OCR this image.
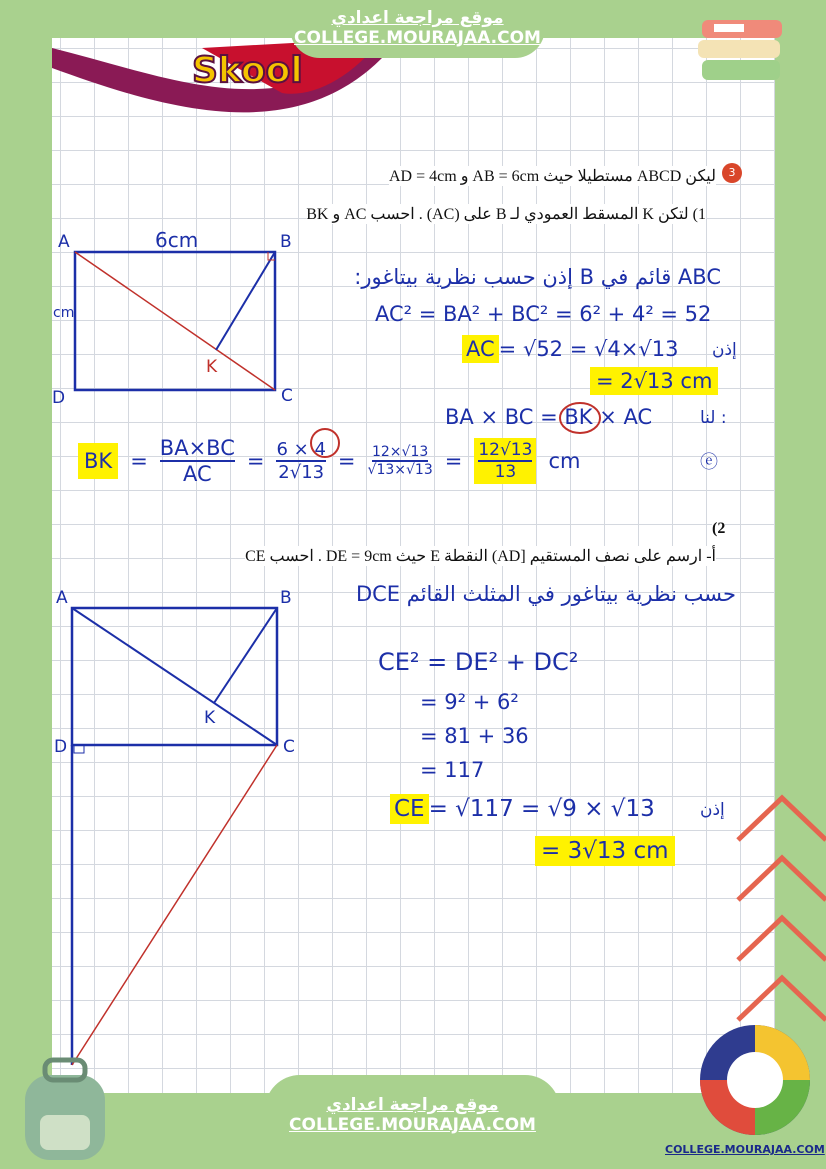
Skool
موقع مراجعة اعدادي
COLLEGE.MOURAJAA.COM
3
ليكن ABCD مستطيلا حيث AB = 6cm و AD = 4cm
1) لتكن K المسقط العمودي لـ B على (AC) . احسب AC و BK
A	B
C
D
K
6cm
cm
ABC قائم في B إذن حسب نظرية بيتاغور:
AC² = BA² + BC² = 6² + 4² = 52
AC = √52 = √4×√13 إذن
= 2√13 cm
BA × BC = BK × AC	: لنا
BK = $\frac{BA\times BC}{AC} = \frac{6 \times 4}{2√13} = \frac{12\times√13}{√13\times√13} = \frac{12√13}{13}$ cm	ⓔ
(2
أ- ارسم على نصف المستقيم [AD) النقطة E حيث DE = 9cm . احسب CE
A	B
C
D
K
حسب نظرية بيتاغور في المثلث القائم DCE
CE² = DE² + DC²
= 9² + 6²
= 81 + 36
= 117
CE = √117 = √9 × √13	إذن
= 3√13 cm
موقع مراجعة اعدادي
COLLEGE.MOURAJAA.COM
COLLEGE.MOURAJAA.COM
